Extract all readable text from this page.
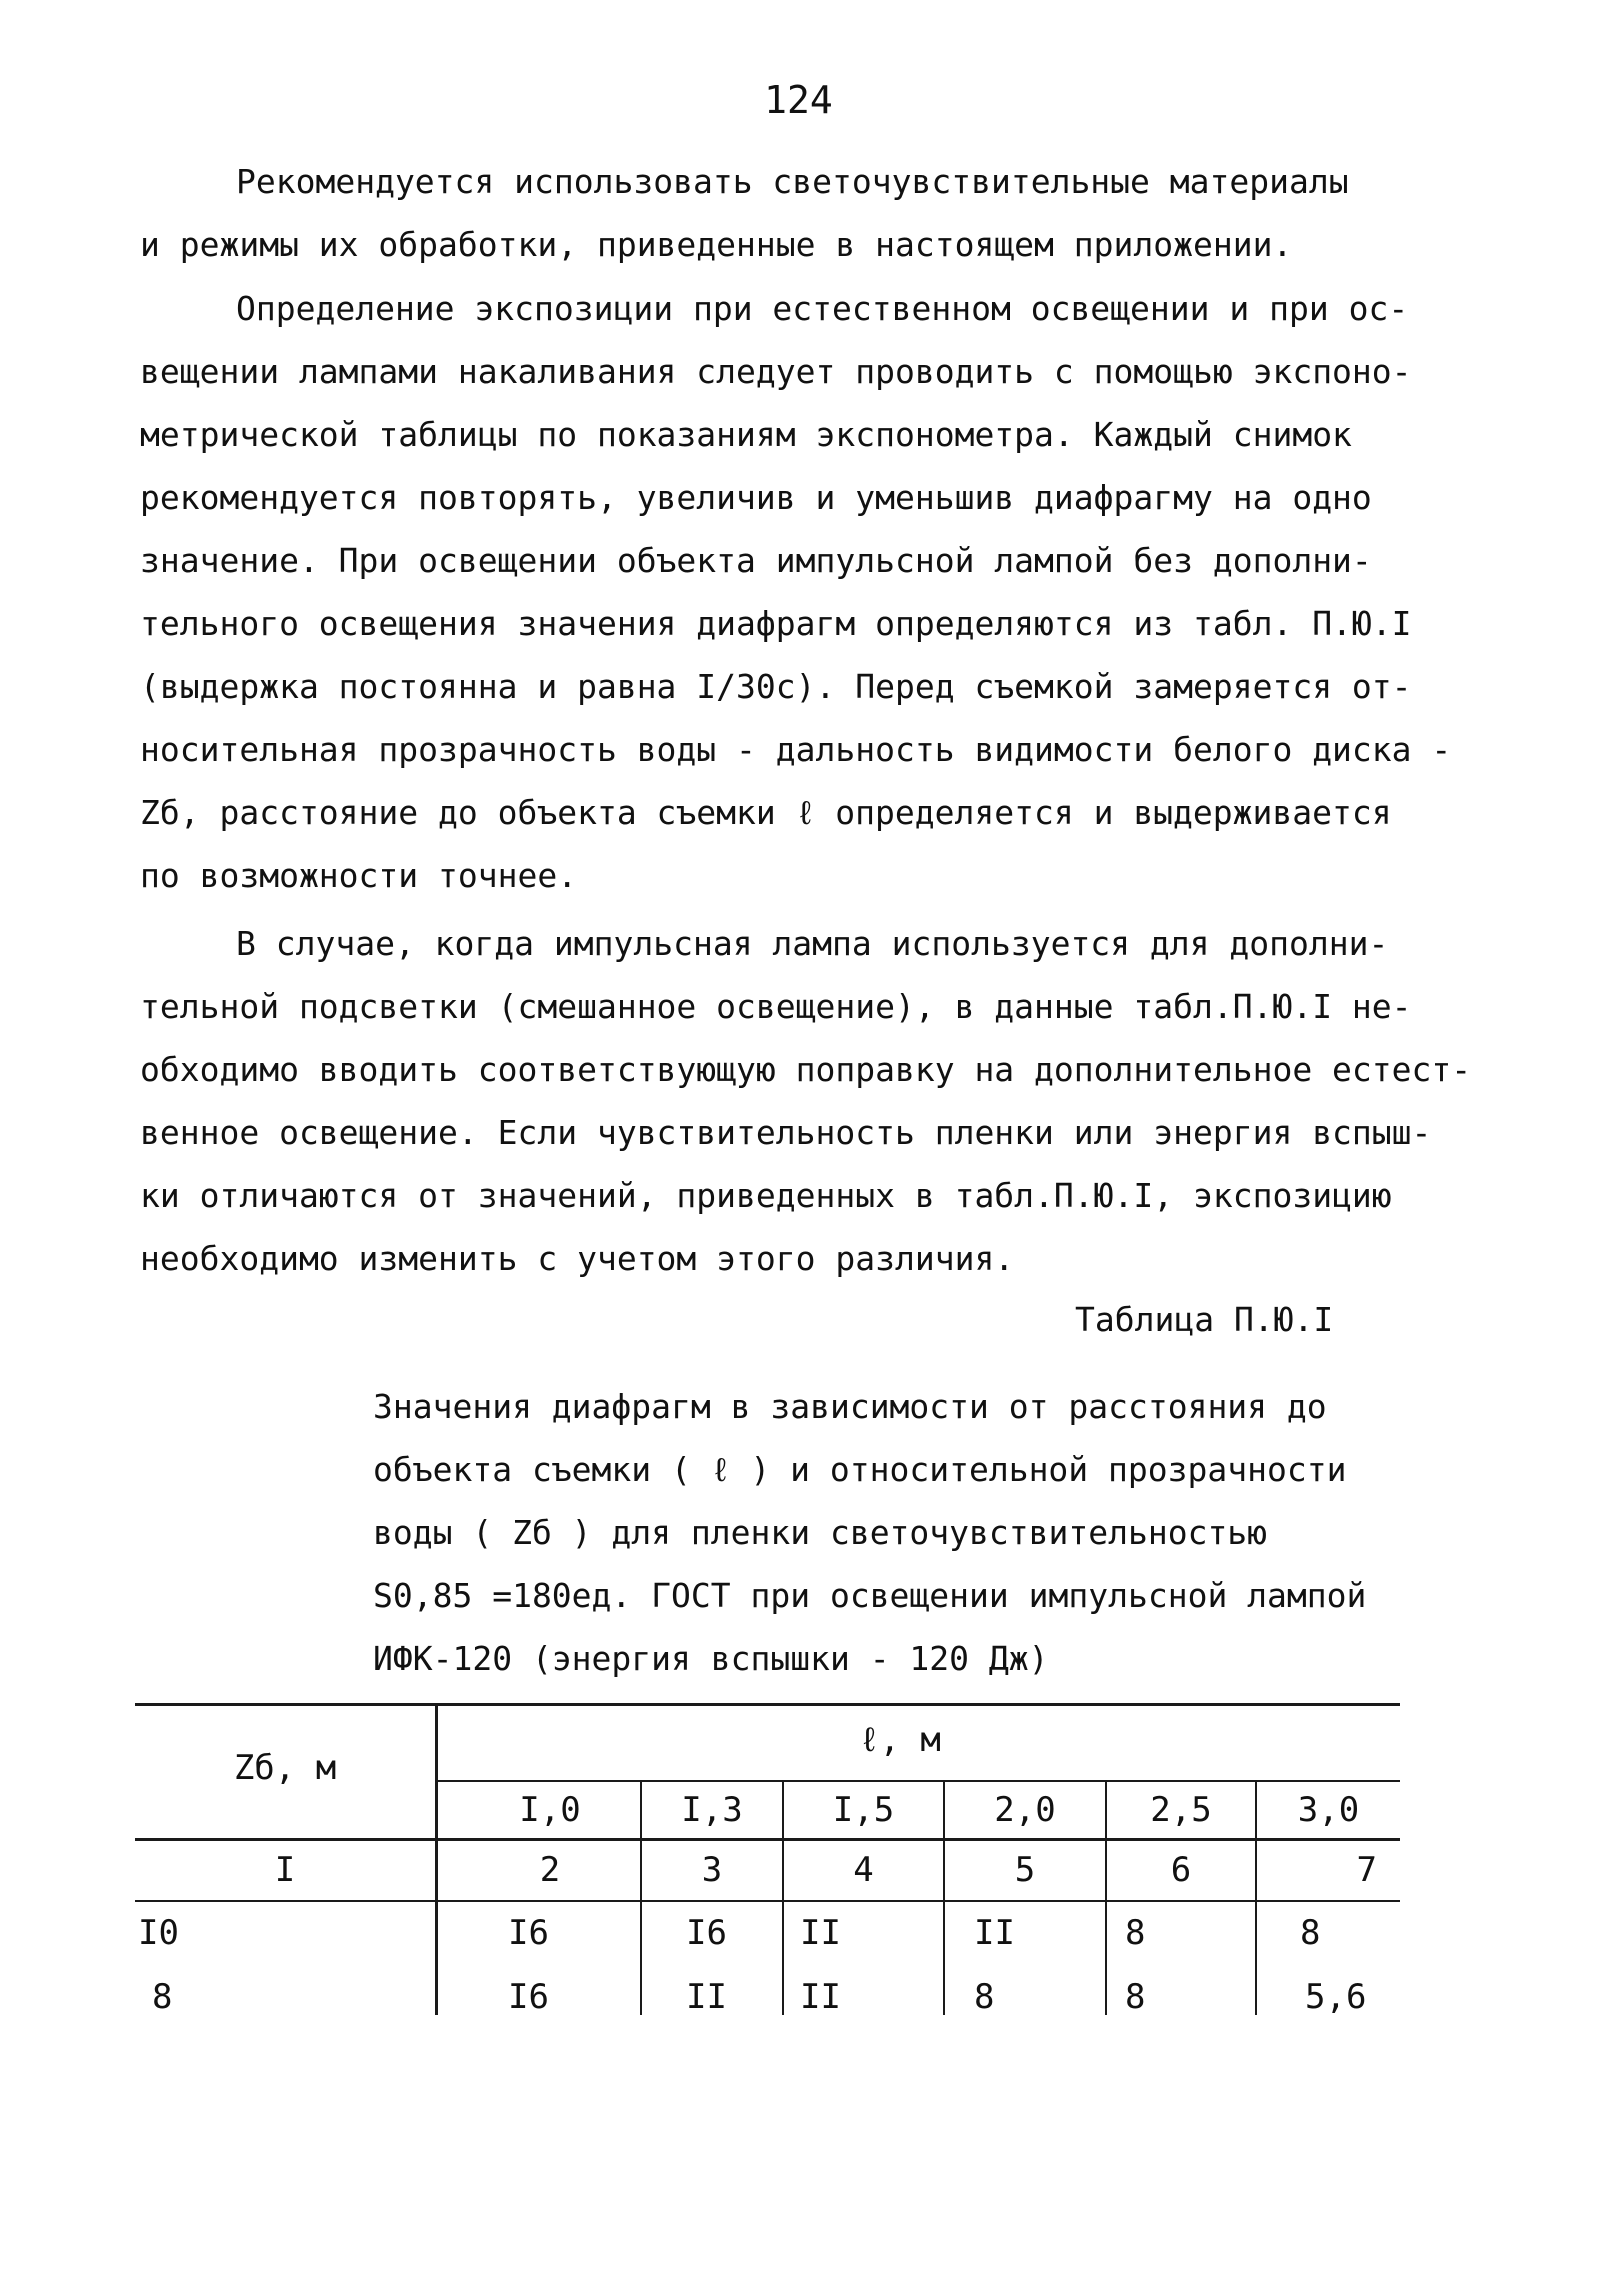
124
Рекомендуется использовать светочувствительные материалы
и режимы их обработки, приведенные в настоящем приложении.
Определение экспозиции при естественном освещении и при ос-
вещении лампами накаливания следует проводить с помощью экспоно-
метрической таблицы по показаниям экспонометра. Каждый снимок
рекомендуется повторять, увеличив и уменьшив диафрагму на одно
значение. При освещении объекта импульсной лампой без дополни-
тельного освещения значения диафрагм определяются из табл. П.Ю.I
(выдержка постоянна и равна I/30с). Перед съемкой замеряется от-
носительная прозрачность воды - дальность видимости белого диска -
Zб, расстояние до объекта съемки ℓ определяется и выдерживается
по возможности точнее.
В случае, когда импульсная лампа используется для дополни-
тельной подсветки (смешанное освещение), в данные табл.П.Ю.I не-
обходимо вводить соответствующую поправку на дополнительное естест-
венное освещение. Если чувствительность пленки или энергия вспыш-
ки отличаются от значений, приведенных в табл.П.Ю.I, экспозицию
необходимо изменить с учетом этого различия.
Таблица П.Ю.I
Значения диафрагм в зависимости от расстояния до
объекта съемки ( ℓ ) и относительной прозрачности
воды ( Zб ) для пленки светочувствительностью
S0,85 =180ед. ГОСТ при освещении импульсной лампой
ИФК-120 (энергия вспышки - 120 Дж)
Zб, м
ℓ, м
I,0	I,3	I,5	2,0	2,5	3,0
I	2	3	4	5	6	7
I0	I6	I6	II	II	8	8
8	I6	II	II	8	8	5,6
